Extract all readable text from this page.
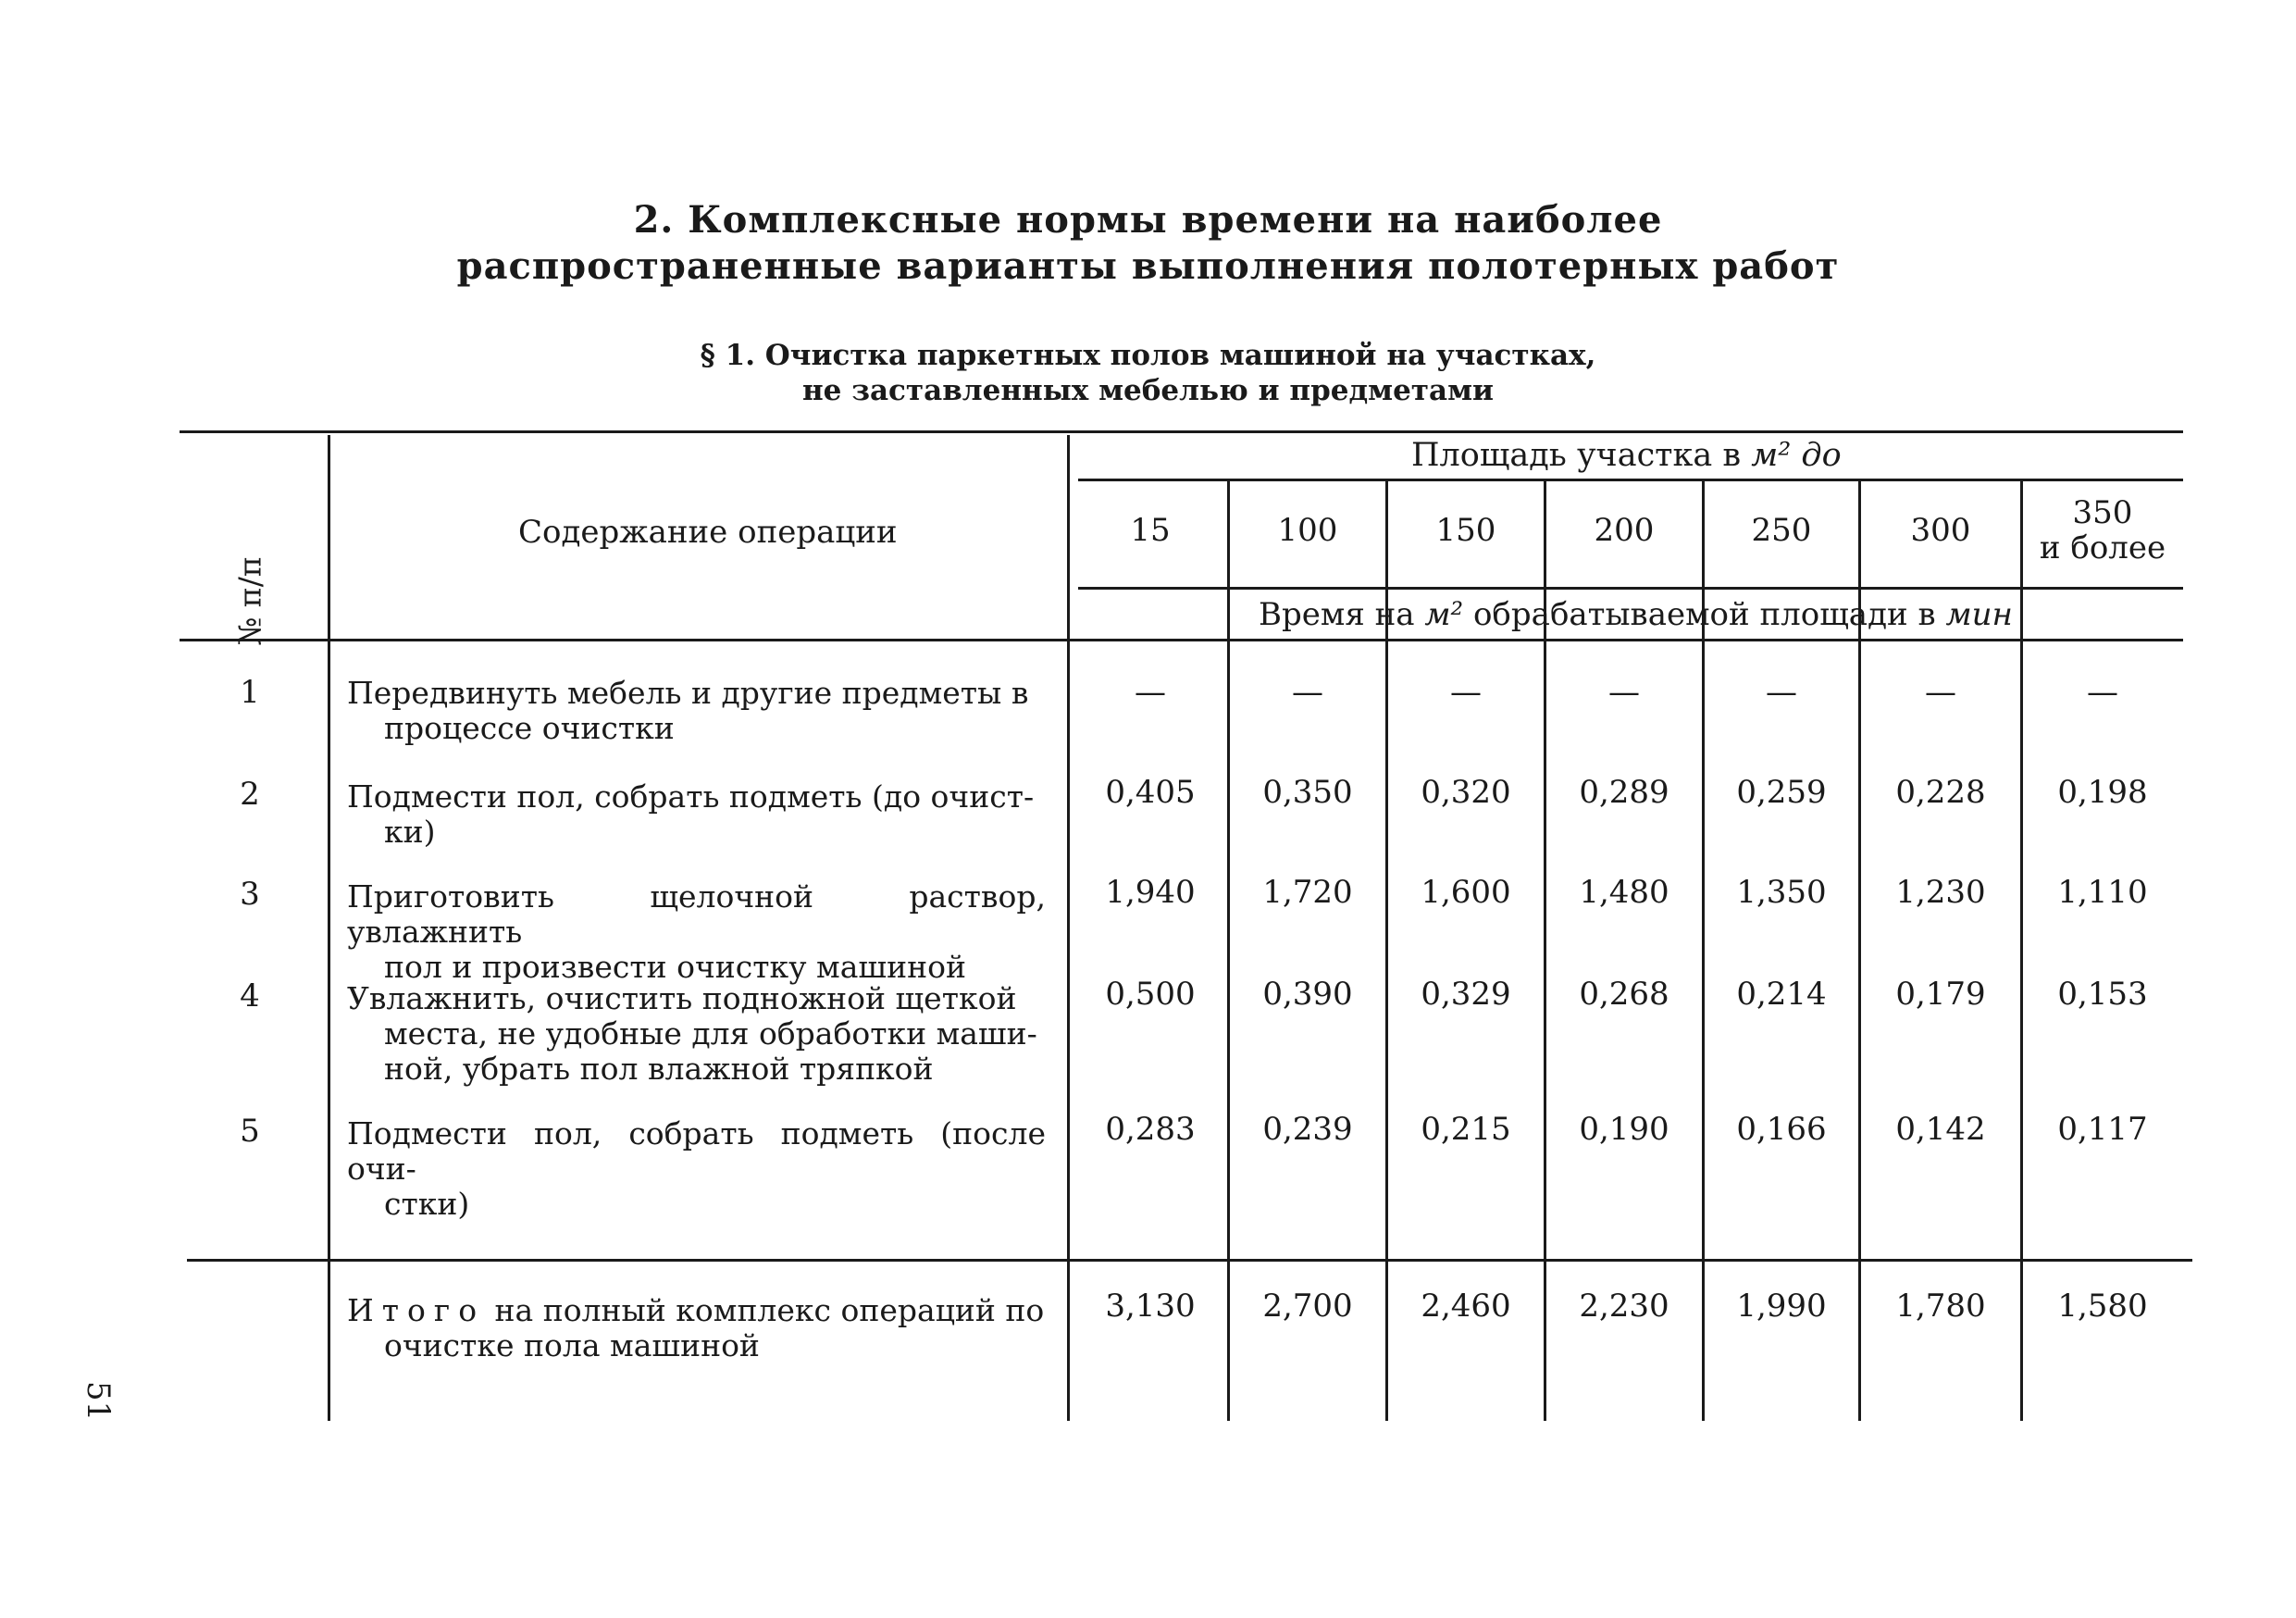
2. Комплексные нормы времени на наиболее
распространенные варианты выполнения полотерных работ
§ 1. Очистка паркетных полов машиной на участках,
не заставленных мебелью и предметами
№ п/п
Содержание операции
Площадь участка в м² до
15	100	150	200	250	300	350
и более
Время на м² обрабатываемой площади в мин
1	Передвинуть мебель и другие предметы в
процессе очистки
—	—	—	—	—	—	—
2	Подмести пол, собрать подметь (до очист-
ки)
0,405	0,350	0,320	0,289	0,259	0,228	0,198
3	Приготовить щелочной раствор, увлажнить
пол и произвести очистку машиной
1,940	1,720	1,600	1,480	1,350	1,230	1,110
4	Увлажнить, очистить подножной щеткой
места, не удобные для обработки маши-
ной, убрать пол влажной тряпкой
0,500	0,390	0,329	0,268	0,214	0,179	0,153
5	Подмести пол, собрать подметь (после очи-
стки)
0,283	0,239	0,215	0,190	0,166	0,142	0,117
Итого на полный комплекс операций по
очистке пола машиной
3,130	2,700	2,460	2,230	1,990	1,780	1,580
51
